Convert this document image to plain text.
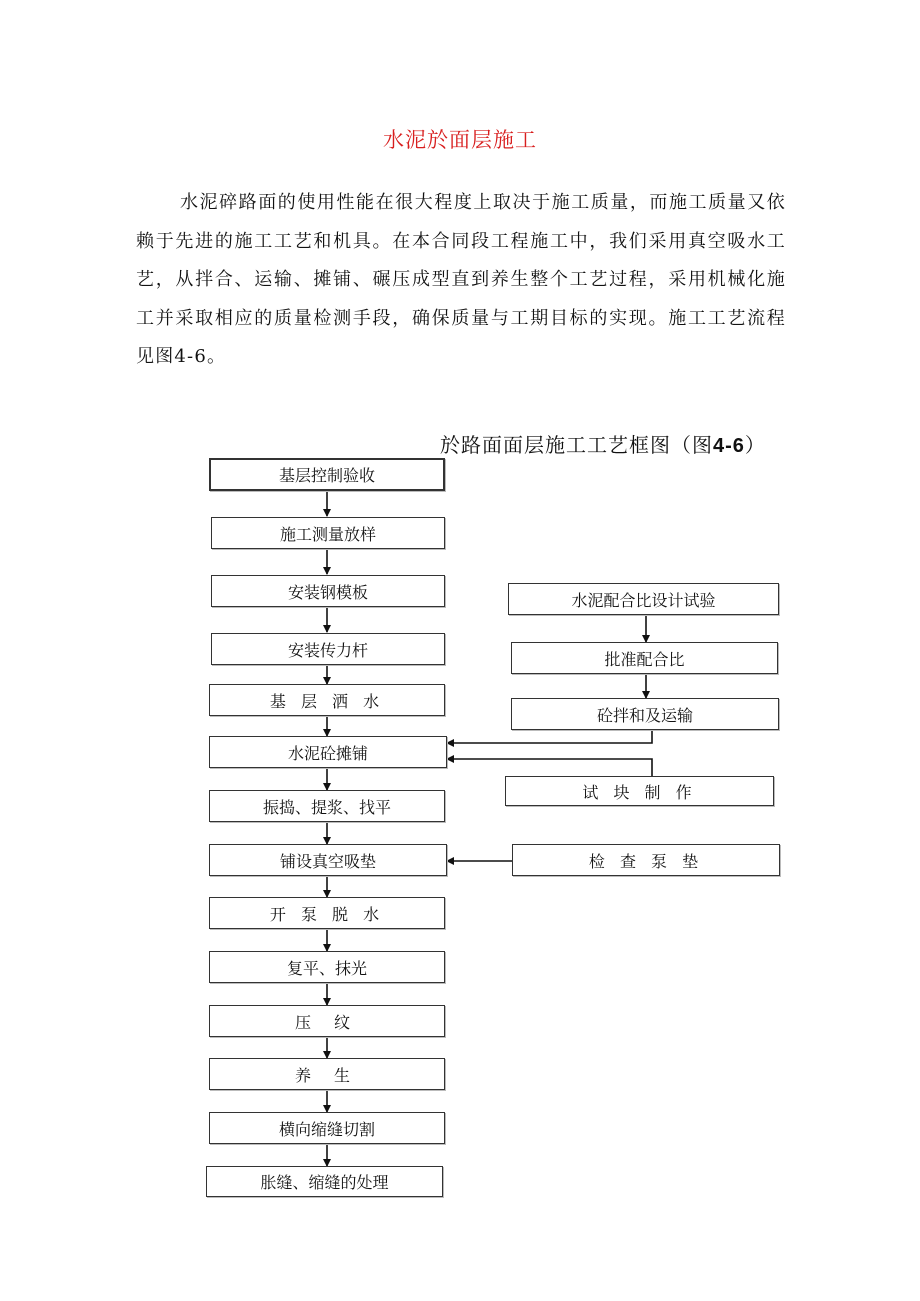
水泥於面层施工

水泥碎路面的使用性能在很大程度上取决于施工质量，而施工质量又依赖于先进的施工工艺和机具。在本合同段工程施工中，我们采用真空吸水工艺，从拌合、运输、摊铺、碾压成型直到养生整个工艺过程，采用机械化施工并采取相应的质量检测手段，确保质量与工期目标的实现。施工工艺流程见图4-6。

於路面面层施工工艺框图（图4-6）
基层控制验收
施工测量放样
安装钢模板
安装传力杆
基 层 洒 水
水泥砼摊铺
振捣、提浆、找平
铺设真空吸垫
开 泵 脱 水
复平、抹光
压 纹
养 生
横向缩缝切割
胀缝、缩缝的处理
水泥配合比设计试验
批准配合比
砼拌和及运输
试 块 制 作
检 查 泵 垫
